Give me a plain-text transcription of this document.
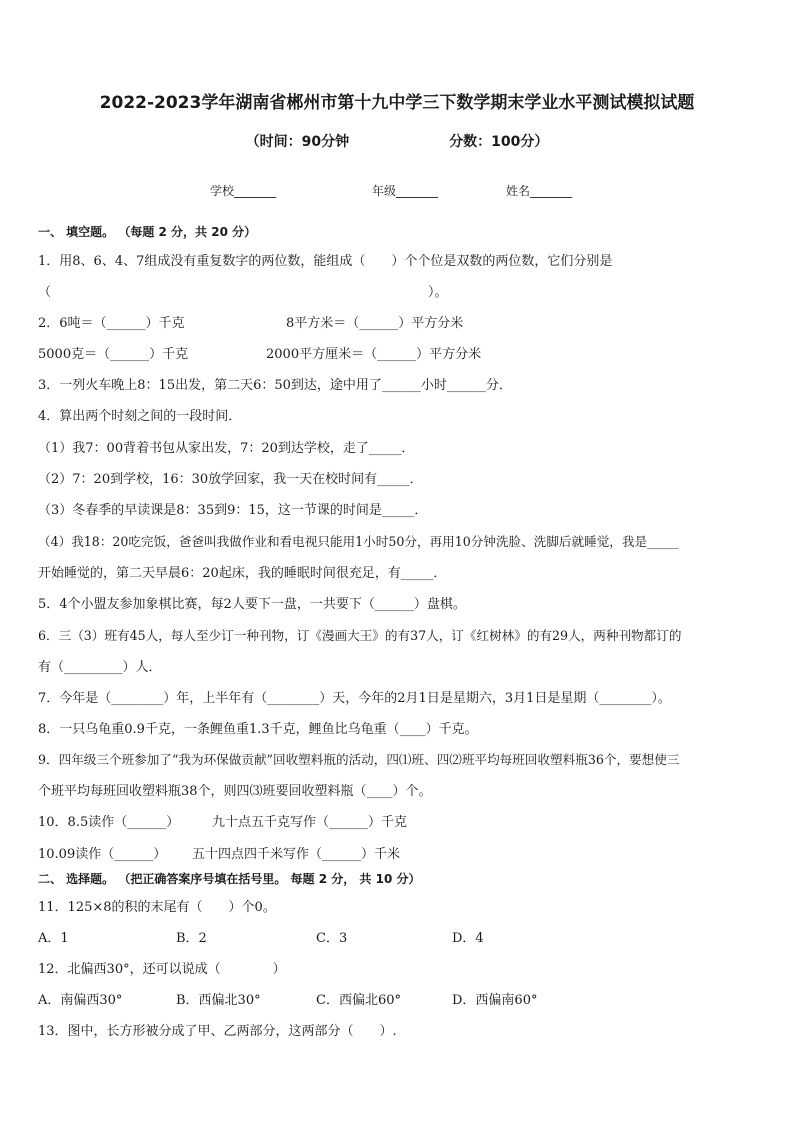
2022-2023学年湖南省郴州市第十九中学三下数学期末学业水平测试模拟试题
（时间：90分钟	分数：100分）
学校_______	年级_______	姓名_______
一、 填空题。 （每题 2 分，共 20 分）
1．用8、6、4、7组成没有重复数字的两位数，能组成（　　）个个位是双数的两位数，它们分别是
（　　　　　　　　　　　　　　　　　　　　　　　　　　　　　）。
2．6吨＝（______）千克	8平方米＝（______）平方分米
5000克＝（______）千克	2000平方厘米＝（______）平方分米
3．一列火车晚上8：15出发，第二天6：50到达，途中用了______小时______分．
4．算出两个时刻之间的一段时间．
（1）我7：00背着书包从家出发，7：20到达学校，走了_____．
（2）7：20到学校，16：30放学回家，我一天在校时间有_____．
（3）冬春季的早读课是8：35到9：15，这一节课的时间是_____．
（4）我18：20吃完饭，爸爸叫我做作业和看电视只能用1小时50分，再用10分钟洗脸、洗脚后就睡觉，我是_____
开始睡觉的，第二天早晨6：20起床，我的睡眠时间很充足，有_____．
5．4个小盟友参加象棋比赛，每2人要下一盘，一共要下（______）盘棋。
6．三（3）班有45人，每人至少订一种刊物，订《漫画大王》的有37人，订《红树林》的有29人，两种刊物都订的
有（_________）人．
7．今年是（________）年，上半年有（________）天，今年的2月1日是星期六，3月1日是星期（________）。
8．一只乌龟重0.9千克，一条鲤鱼重1.3千克，鲤鱼比乌龟重（____）千克。
9．四年级三个班参加了“我为环保做贡献”回收塑料瓶的活动，四⑴班、四⑵班平均每班回收塑料瓶36个，要想使三
个班平均每班回收塑料瓶38个，则四⑶班要回收塑料瓶（____）个。
10．8.5读作（______）	九十点五千克写作（______）千克
10.09读作（______） 五十四点四千米写作（______）千米
二、 选择题。 （把正确答案序号填在括号里。 每题 2 分， 共 10 分）
11．125×8的积的末尾有（　　）个0。
A．1	B．2	C．3	D．4
12．北偏西30°，还可以说成（　　　　）
A．南偏西30°	B．西偏北30°	C．西偏北60°	D．西偏南60°
13．图中，长方形被分成了甲、乙两部分，这两部分（　　）.
